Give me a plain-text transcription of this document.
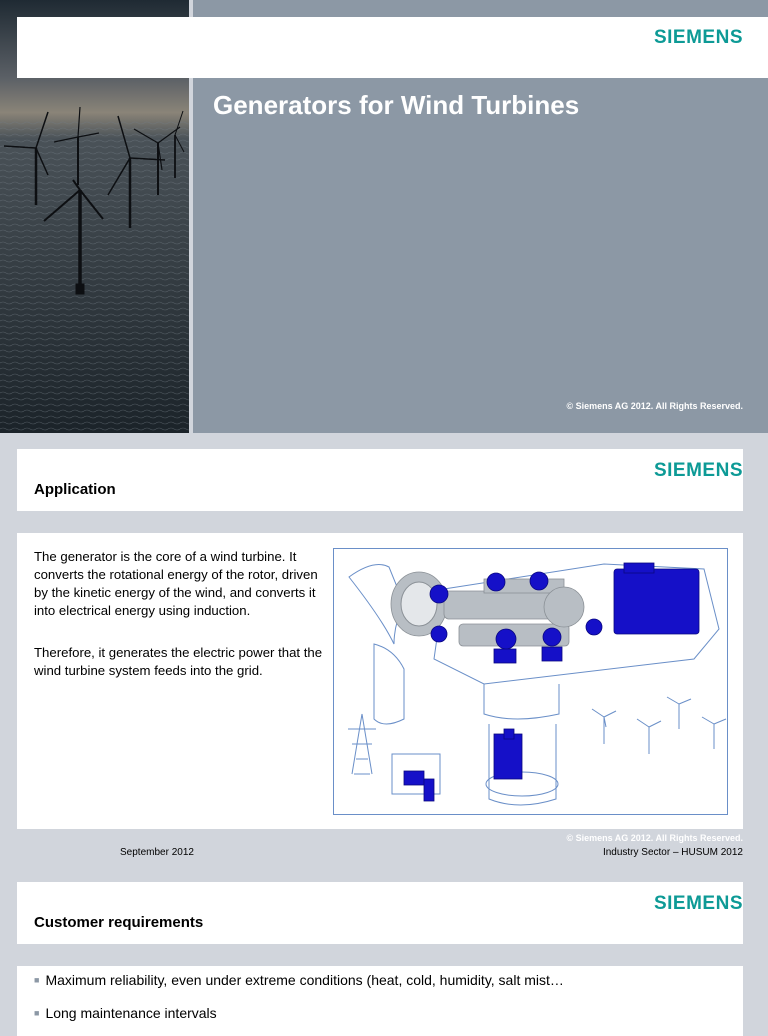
SIEMENS
Generators for Wind Turbines
© Siemens AG 2012. All Rights Reserved.
SIEMENS
Application
The generator is the core of a wind turbine. It converts the rotational energy of the rotor, driven by the kinetic energy of the wind, and converts it into electrical energy using induction.
Therefore, it generates the electric power that the wind turbine system feeds into the grid.
© Siemens AG 2012. All Rights Reserved.
September 2012	Industry Sector – HUSUM 2012
SIEMENS
Customer requirements
■ Maximum reliability, even under extreme conditions (heat, cold, humidity, salt mist…
■ Long maintenance intervals
